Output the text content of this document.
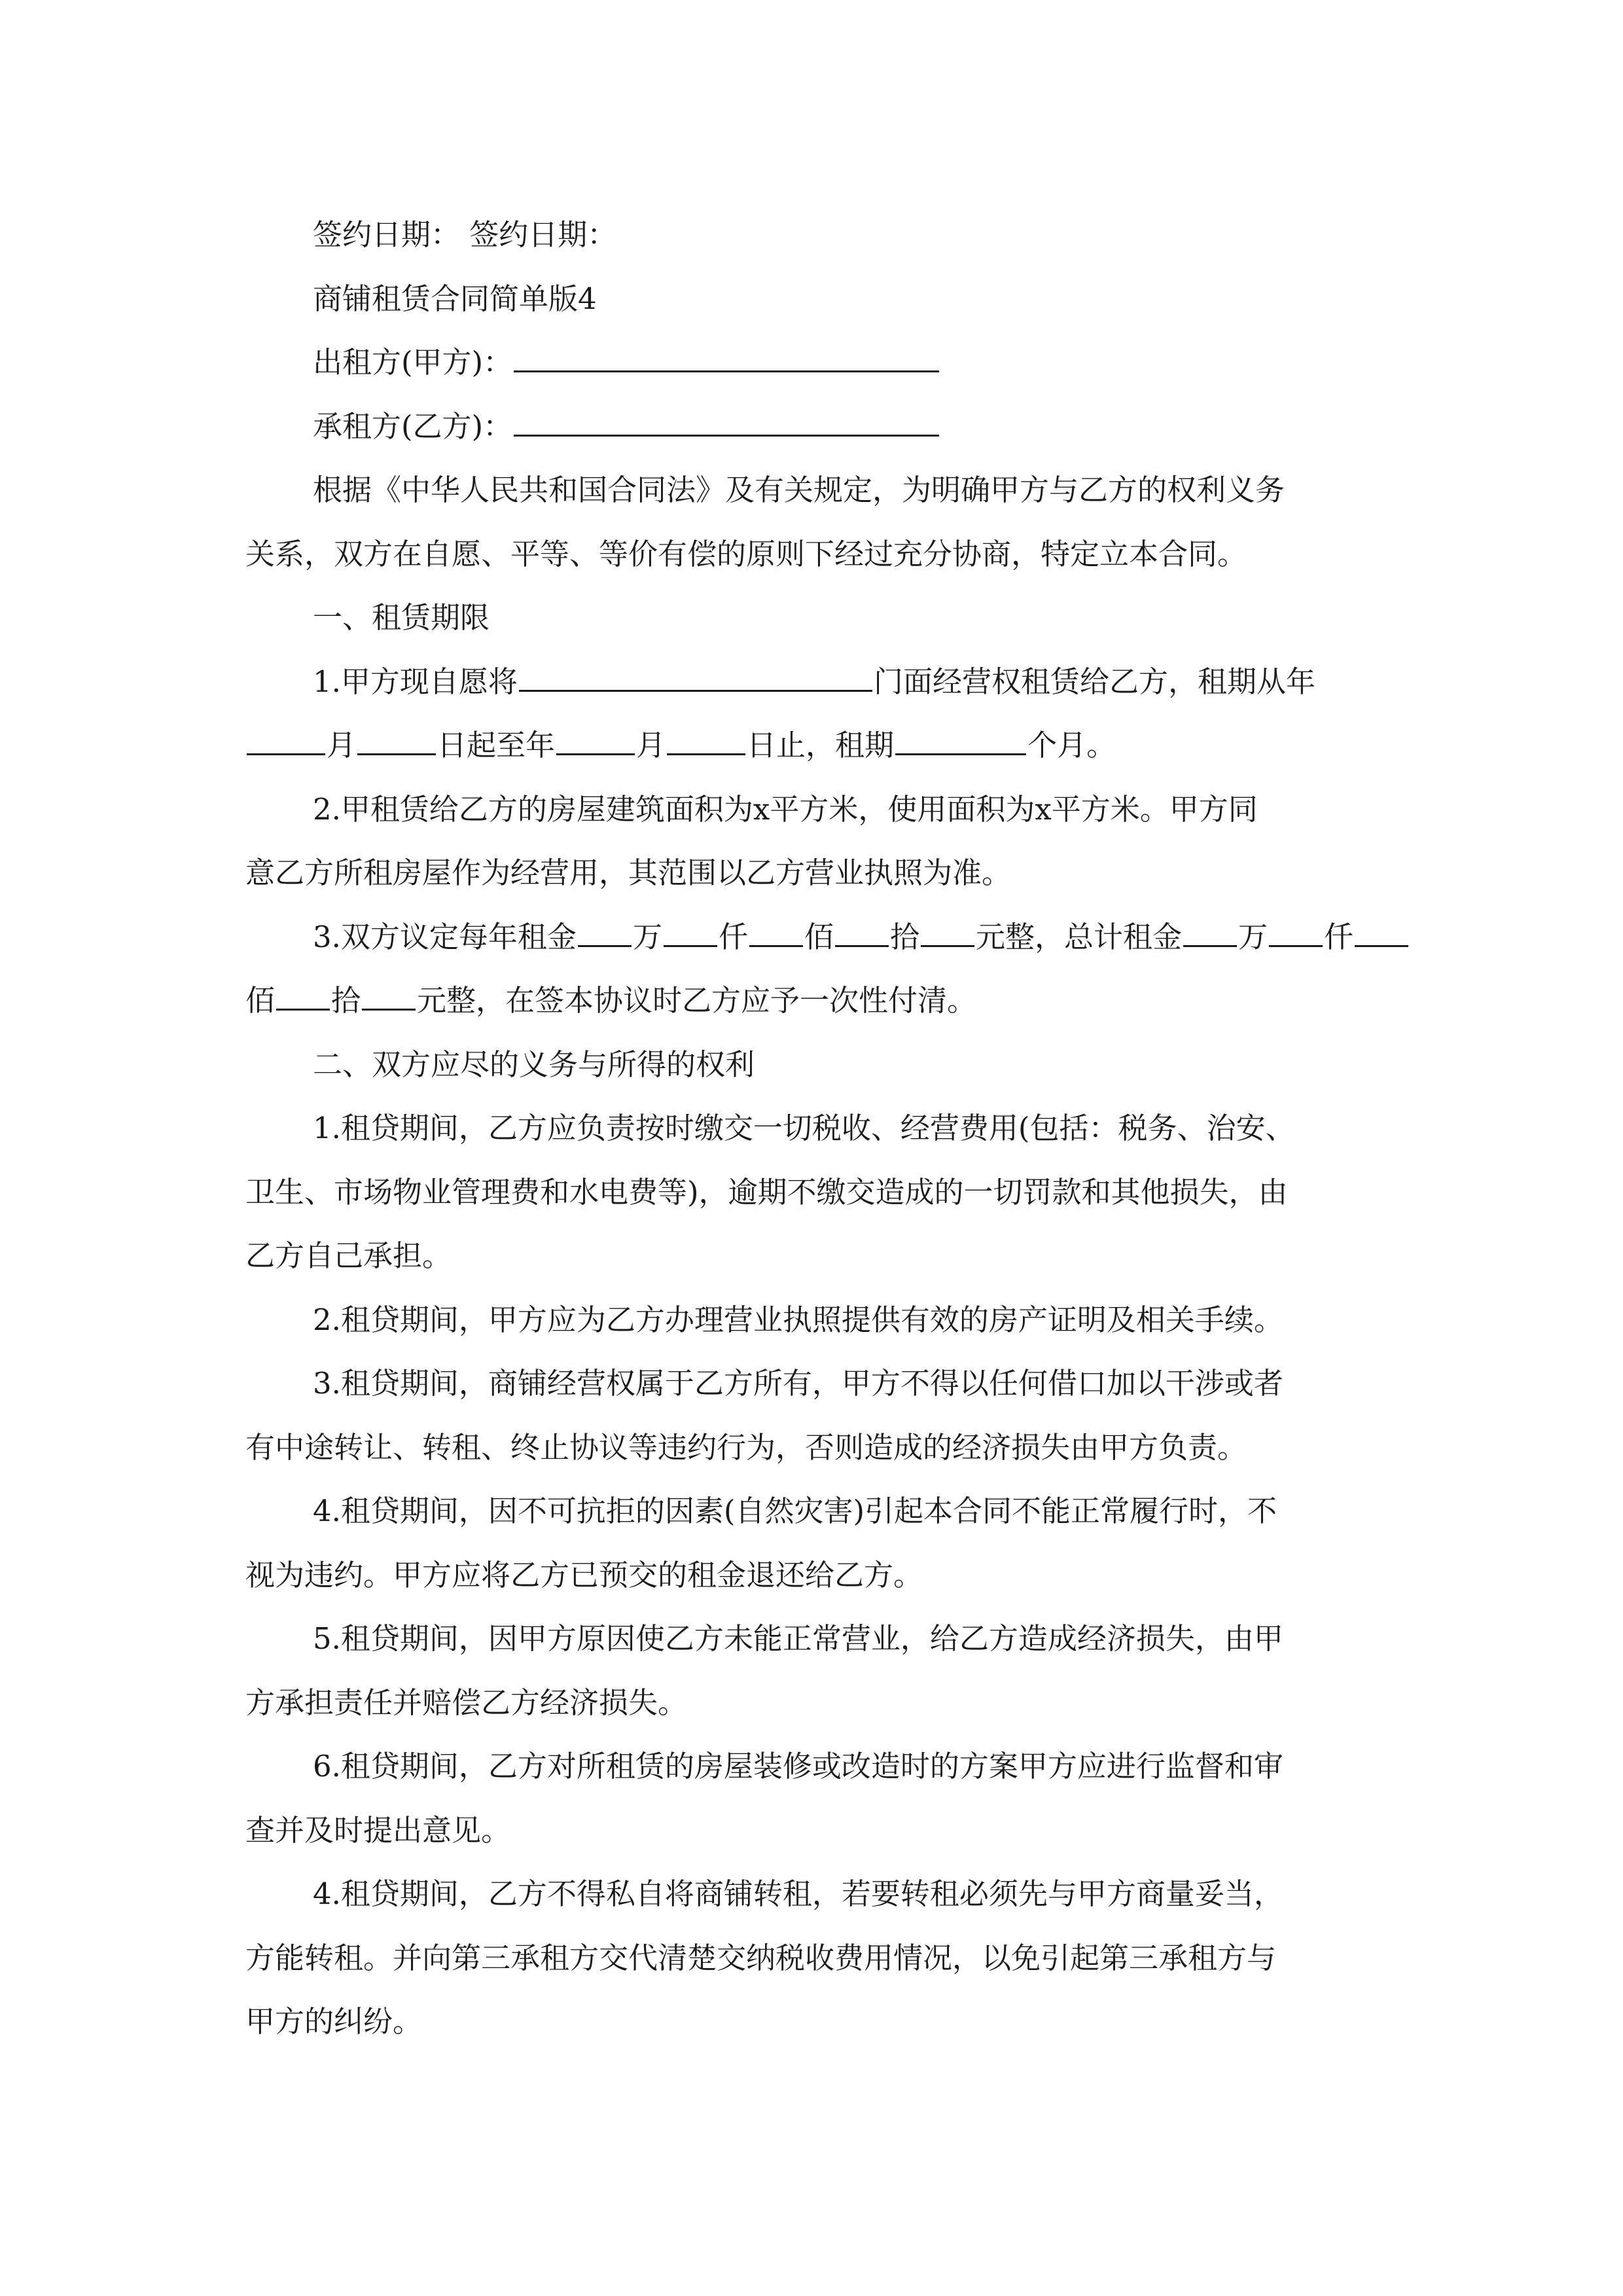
签约日期： 签约日期：

商铺租赁合同简单版4

出租方(甲方)：

承租方(乙方)：

根据《中华人民共和国合同法》及有关规定，为明确甲方与乙方的权利义务

关系，双方在自愿、平等、等价有偿的原则下经过充分协商，特定立本合同。

一、租赁期限

1.甲方现自愿将	门面经营权租赁给乙方，租期从年

月	日起至年	月	日止，租期	个月。

2.甲租赁给乙方的房屋建筑面积为x平方米，使用面积为x平方米。甲方同

意乙方所租房屋作为经营用，其范围以乙方营业执照为准。

3.双方议定每年租金 万 仟 佰 拾 元整，总计租金 万 仟

佰 拾 元整，在签本协议时乙方应予一次性付清。

二、双方应尽的义务与所得的权利

1.租贷期间，乙方应负责按时缴交一切税收、经营费用(包括：税务、治安、

卫生、市场物业管理费和水电费等)，逾期不缴交造成的一切罚款和其他损失，由

乙方自己承担。

2.租贷期间，甲方应为乙方办理营业执照提供有效的房产证明及相关手续。

3.租贷期间，商铺经营权属于乙方所有，甲方不得以任何借口加以干涉或者

有中途转让、转租、终止协议等违约行为，否则造成的经济损失由甲方负责。

4.租贷期间，因不可抗拒的因素(自然灾害)引起本合同不能正常履行时，不

视为违约。甲方应将乙方已预交的租金退还给乙方。

5.租贷期间，因甲方原因使乙方未能正常营业，给乙方造成经济损失，由甲

方承担责任并赔偿乙方经济损失。

6.租贷期间，乙方对所租赁的房屋装修或改造时的方案甲方应进行监督和审

查并及时提出意见。

4.租贷期间，乙方不得私自将商铺转租，若要转租必须先与甲方商量妥当，

方能转租。并向第三承租方交代清楚交纳税收费用情况，以免引起第三承租方与

甲方的纠纷。
